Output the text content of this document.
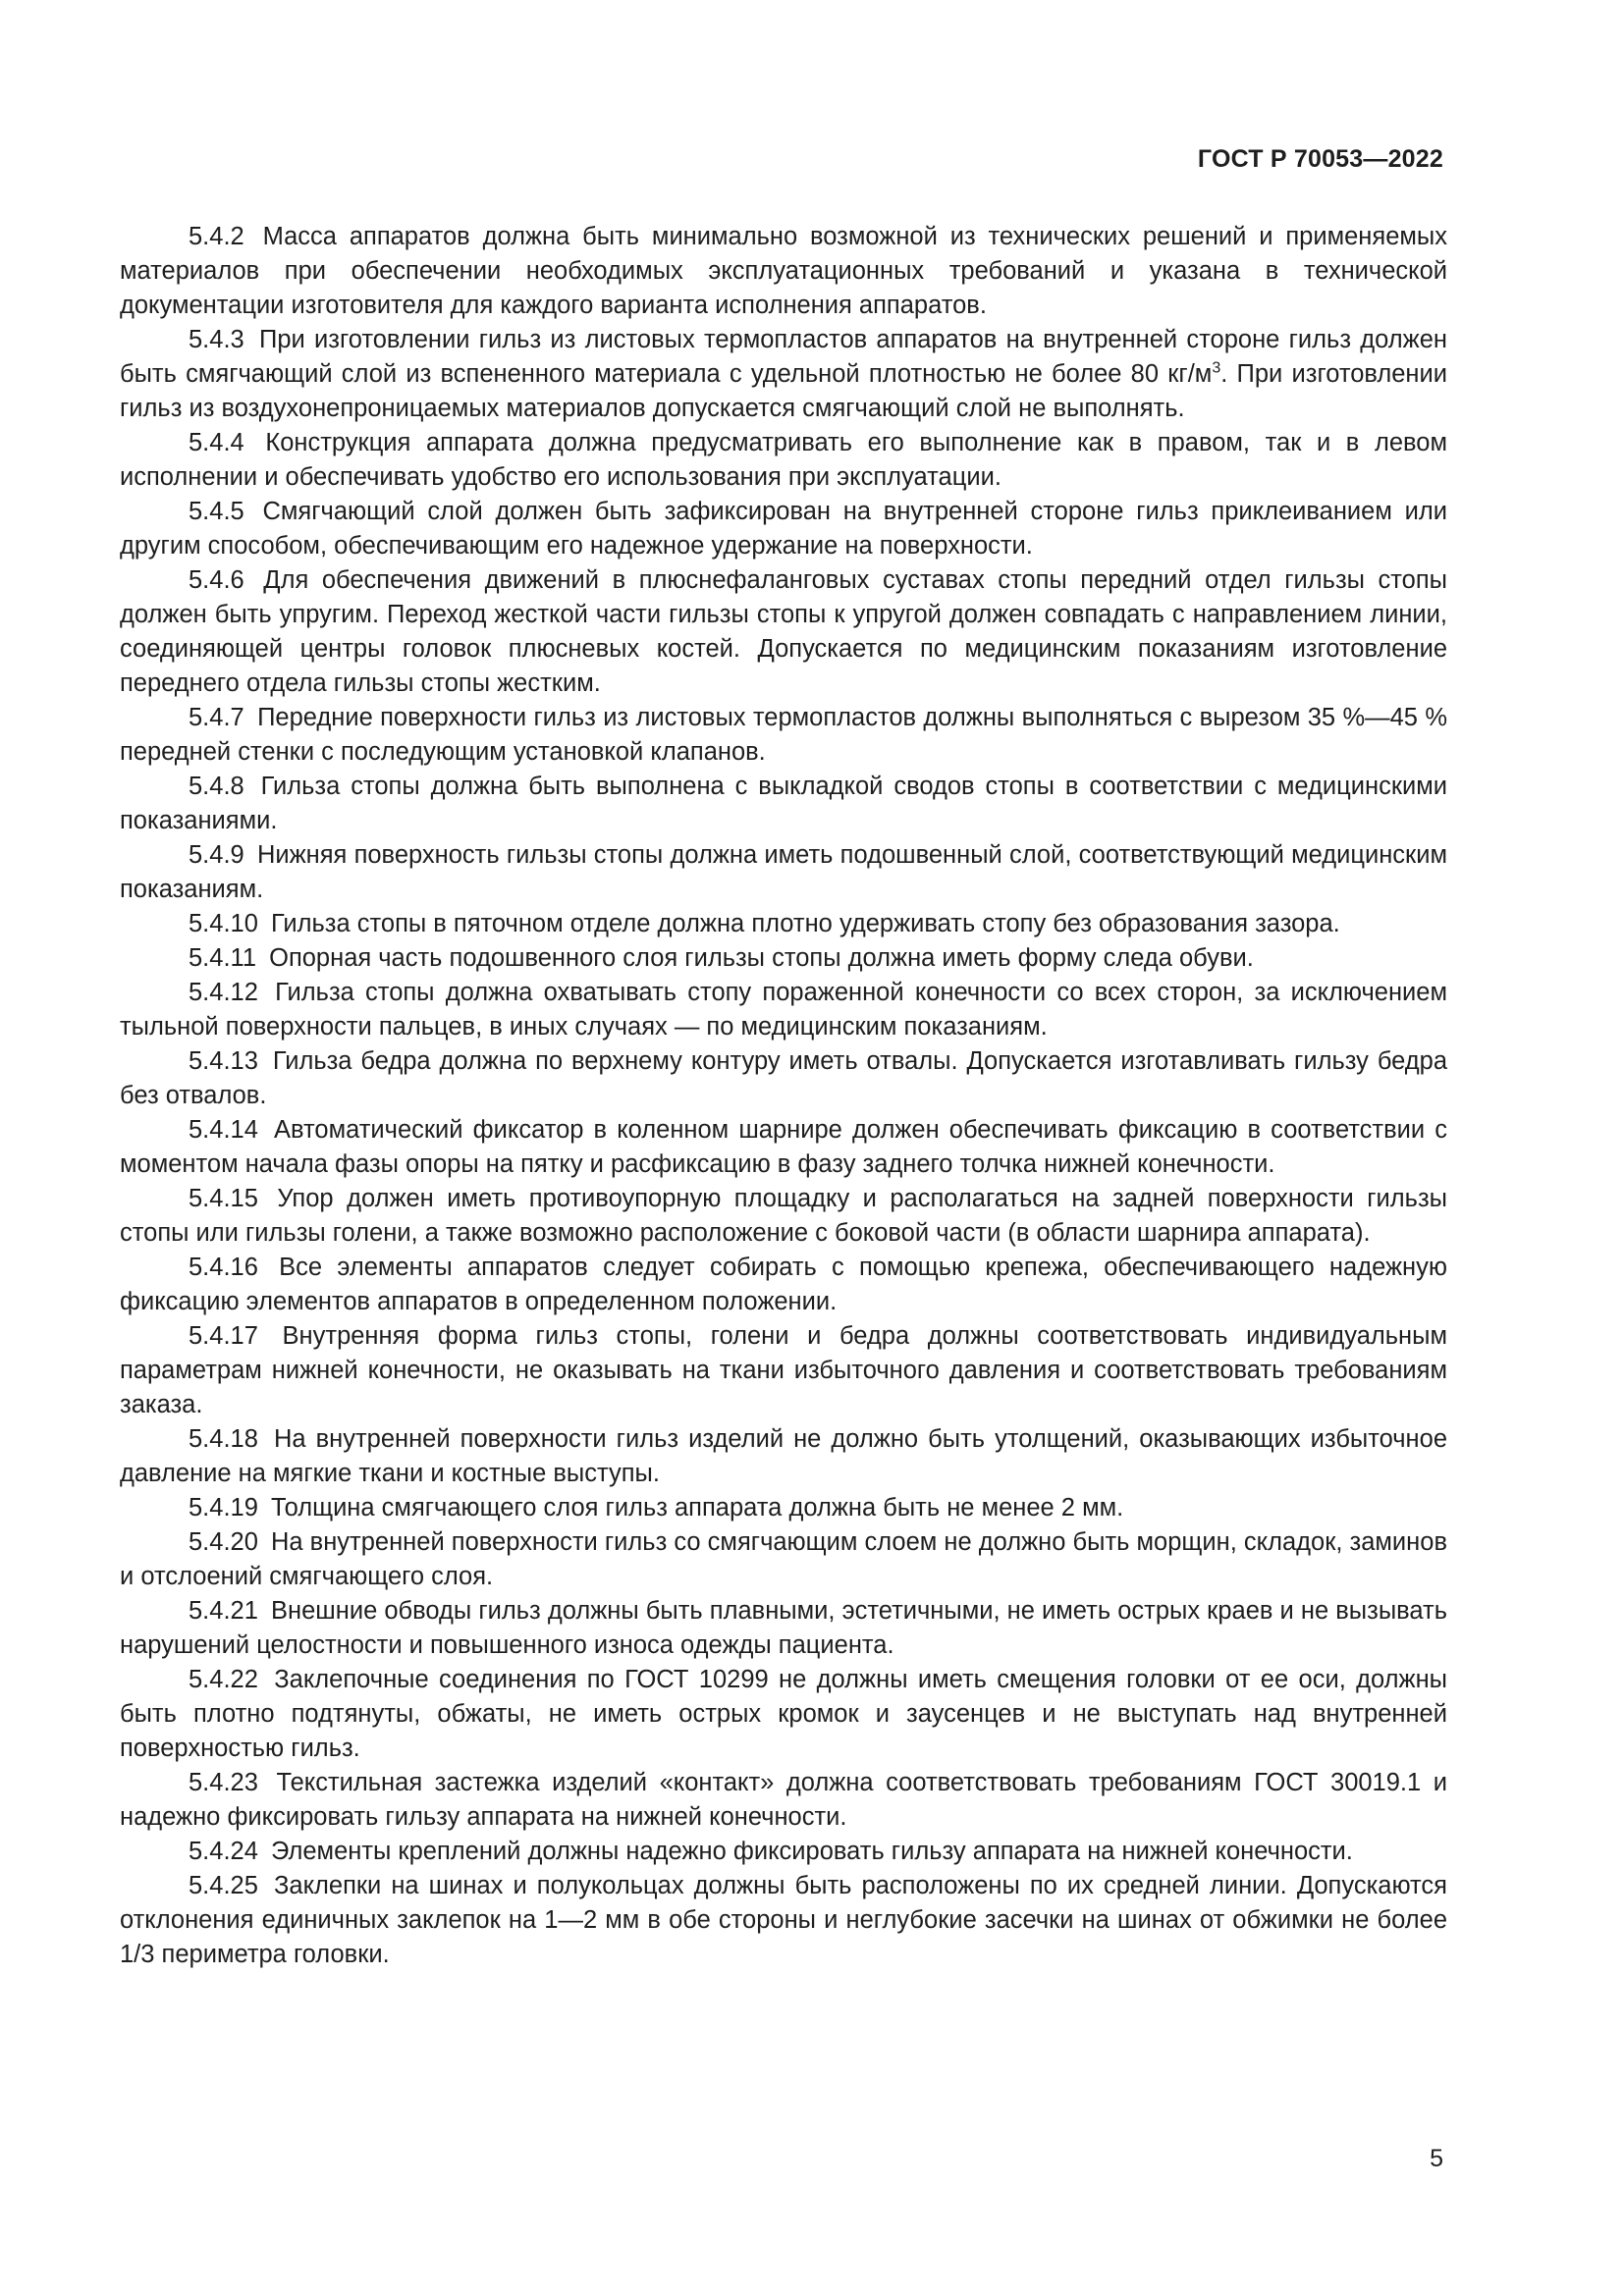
ГОСТ Р 70053—2022

5.4.2 Масса аппаратов должна быть минимально возможной из технических решений и применяемых материалов при обеспечении необходимых эксплуатационных требований и указана в технической документации изготовителя для каждого варианта исполнения аппаратов.

5.4.3 При изготовлении гильз из листовых термопластов аппаратов на внутренней стороне гильз должен быть смягчающий слой из вспененного материала с удельной плотностью не более 80 $кг/м^3$. При изготовлении гильз из воздухонепроницаемых материалов допускается смягчающий слой не выполнять.

5.4.4 Конструкция аппарата должна предусматривать его выполнение как в правом, так и в левом исполнении и обеспечивать удобство его использования при эксплуатации.

5.4.5 Смягчающий слой должен быть зафиксирован на внутренней стороне гильз приклеиванием или другим способом, обеспечивающим его надежное удержание на поверхности.

5.4.6 Для обеспечения движений в плюснефаланговых суставах стопы передний отдел гильзы стопы должен быть упругим. Переход жесткой части гильзы стопы к упругой должен совпадать с направлением линии, соединяющей центры головок плюсневых костей. Допускается по медицинским показаниям изготовление переднего отдела гильзы стопы жестким.

5.4.7 Передние поверхности гильз из листовых термопластов должны выполняться с вырезом 35 %—45 % передней стенки с последующим установкой клапанов.

5.4.8 Гильза стопы должна быть выполнена с выкладкой сводов стопы в соответствии с медицинскими показаниями.

5.4.9 Нижняя поверхность гильзы стопы должна иметь подошвенный слой, соответствующий медицинским показаниям.

5.4.10 Гильза стопы в пяточном отделе должна плотно удерживать стопу без образования зазора.

5.4.11 Опорная часть подошвенного слоя гильзы стопы должна иметь форму следа обуви.

5.4.12 Гильза стопы должна охватывать стопу пораженной конечности со всех сторон, за исключением тыльной поверхности пальцев, в иных случаях — по медицинским показаниям.

5.4.13 Гильза бедра должна по верхнему контуру иметь отвалы. Допускается изготавливать гильзу бедра без отвалов.

5.4.14 Автоматический фиксатор в коленном шарнире должен обеспечивать фиксацию в соответствии с моментом начала фазы опоры на пятку и расфиксацию в фазу заднего толчка нижней конечности.

5.4.15 Упор должен иметь противоупорную площадку и располагаться на задней поверхности гильзы стопы или гильзы голени, а также возможно расположение с боковой части (в области шарнира аппарата).

5.4.16 Все элементы аппаратов следует собирать с помощью крепежа, обеспечивающего надежную фиксацию элементов аппаратов в определенном положении.

5.4.17 Внутренняя форма гильз стопы, голени и бедра должны соответствовать индивидуальным параметрам нижней конечности, не оказывать на ткани избыточного давления и соответствовать требованиям заказа.

5.4.18 На внутренней поверхности гильз изделий не должно быть утолщений, оказывающих избыточное давление на мягкие ткани и костные выступы.

5.4.19 Толщина смягчающего слоя гильз аппарата должна быть не менее 2 мм.

5.4.20 На внутренней поверхности гильз со смягчающим слоем не должно быть морщин, складок, заминов и отслоений смягчающего слоя.

5.4.21 Внешние обводы гильз должны быть плавными, эстетичными, не иметь острых краев и не вызывать нарушений целостности и повышенного износа одежды пациента.

5.4.22 Заклепочные соединения по ГОСТ 10299 не должны иметь смещения головки от ее оси, должны быть плотно подтянуты, обжаты, не иметь острых кромок и заусенцев и не выступать над внутренней поверхностью гильз.

5.4.23 Текстильная застежка изделий «контакт» должна соответствовать требованиям ГОСТ 30019.1 и надежно фиксировать гильзу аппарата на нижней конечности.

5.4.24 Элементы креплений должны надежно фиксировать гильзу аппарата на нижней конечности.

5.4.25 Заклепки на шинах и полукольцах должны быть расположены по их средней линии. Допускаются отклонения единичных заклепок на 1—2 мм в обе стороны и неглубокие засечки на шинах от обжимки не более 1/3 периметра головки.

5
